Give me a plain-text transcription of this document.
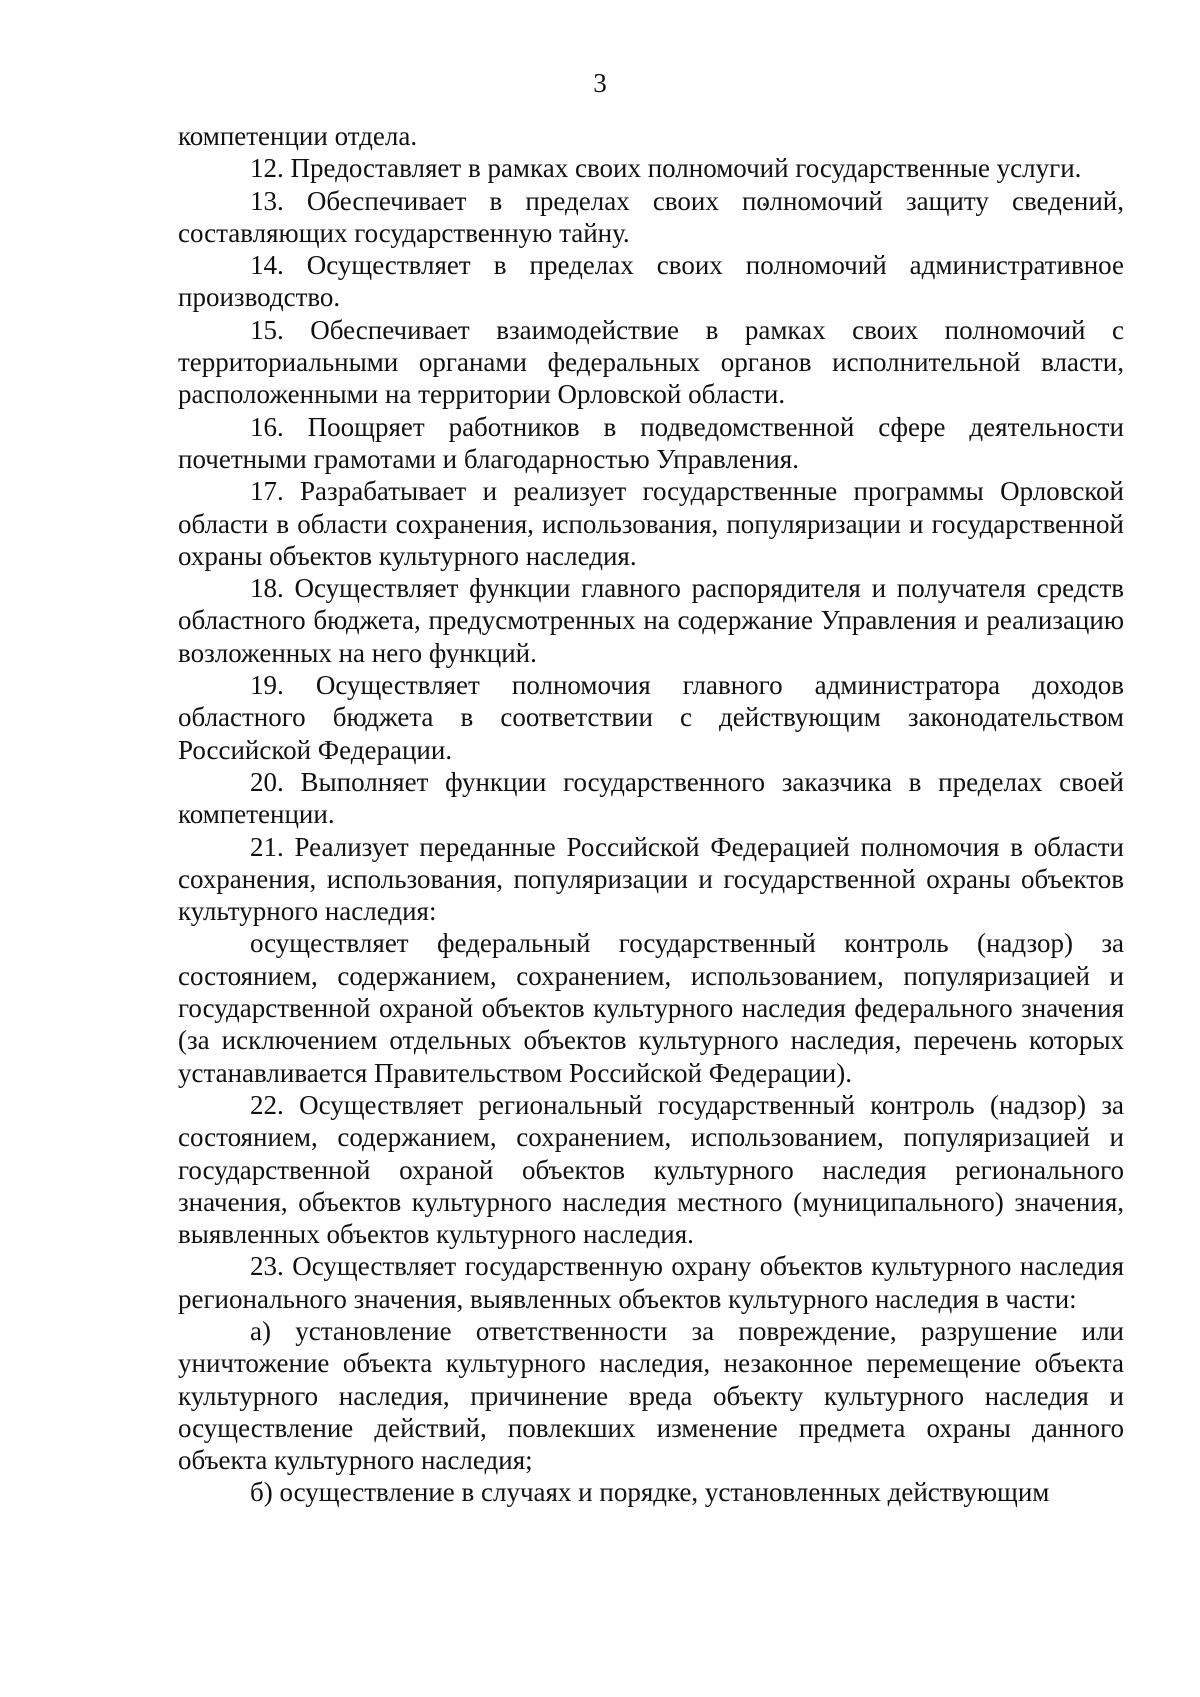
3

компетенции отдела.

12. Предоставляет в рамках своих полномочий государственные услуги.

13. Обеспечивает в пределах своих полномочий защиту сведений, составляющих государственную тайну.

14. Осуществляет в пределах своих полномочий административное производство.

15. Обеспечивает взаимодействие в рамках своих полномочий с территориальными органами федеральных органов исполнительной власти, расположенными на территории Орловской области.

16. Поощряет работников в подведомственной сфере деятельности почетными грамотами и благодарностью Управления.

17. Разрабатывает и реализует государственные программы Орловской области в области сохранения, использования, популяризации и государственной охраны объектов культурного наследия.

18. Осуществляет функции главного распорядителя и получателя средств областного бюджета, предусмотренных на содержание Управления и реализацию возложенных на него функций.

19. Осуществляет полномочия главного администратора доходов областного бюджета в соответствии с действующим законодательством Российской Федерации.

20. Выполняет функции государственного заказчика в пределах своей компетенции.

21. Реализует переданные Российской Федерацией полномочия в области сохранения, использования, популяризации и государственной охраны объектов культурного наследия:

осуществляет федеральный государственный контроль (надзор) за состоянием, содержанием, сохранением, использованием, популяризацией и государственной охраной объектов культурного наследия федерального значения (за исключением отдельных объектов культурного наследия, перечень которых устанавливается Правительством Российской Федерации).

22. Осуществляет региональный государственный контроль (надзор) за состоянием, содержанием, сохранением, использованием, популяризацией и государственной охраной объектов культурного наследия регионального значения, объектов культурного наследия местного (муниципального) значения, выявленных объектов культурного наследия.

23. Осуществляет государственную охрану объектов культурного наследия регионального значения, выявленных объектов культурного наследия в части:

а) установление ответственности за повреждение, разрушение или уничтожение объекта культурного наследия, незаконное перемещение объекта культурного наследия, причинение вреда объекту культурного наследия и осуществление действий, повлекших изменение предмета охраны данного объекта культурного наследия;

б) осуществление в случаях и порядке, установленных действующим
